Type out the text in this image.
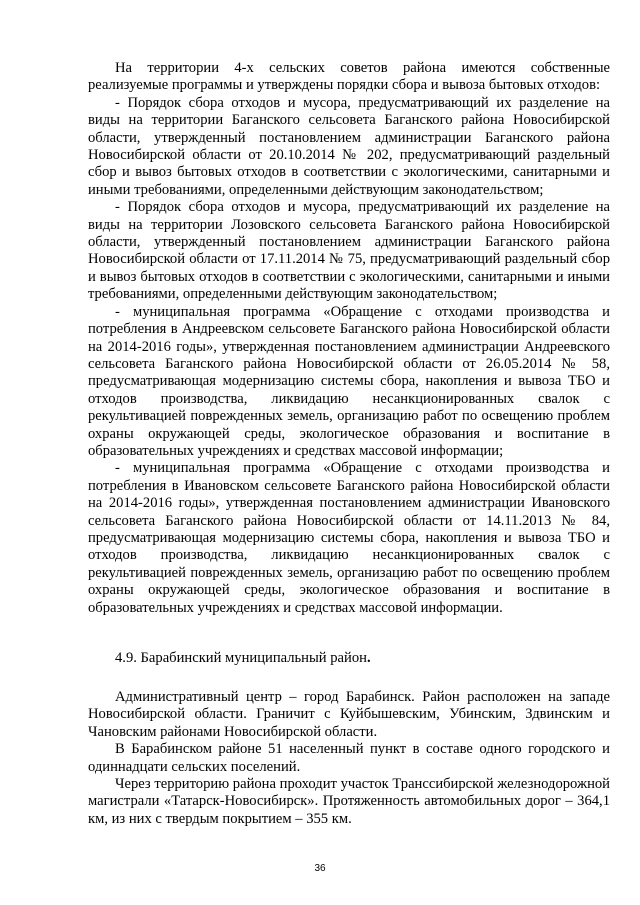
На территории 4-х сельских советов района имеются собственные реализуемые программы и утверждены порядки сбора и вывоза бытовых отходов:

- Порядок сбора отходов и мусора, предусматривающий их разделение на виды на территории Баганского сельсовета Баганского района Новосибирской области, утвержденный постановлением администрации Баганского района Новосибирской области от 20.10.2014 № 202, предусматривающий раздельный сбор и вывоз бытовых отходов в соответствии с экологическими, санитарными и иными требованиями, определенными действующим законодательством;

- Порядок сбора отходов и мусора, предусматривающий их разделение на виды на территории Лозовского сельсовета Баганского района Новосибирской области, утвержденный постановлением администрации Баганского района Новосибирской области от 17.11.2014 № 75, предусматривающий раздельный сбор и вывоз бытовых отходов в соответствии с экологическими, санитарными и иными требованиями, определенными действующим законодательством;

- муниципальная программа «Обращение с отходами производства и потребления в Андреевском сельсовете Баганского района Новосибирской области на 2014-2016 годы», утвержденная постановлением администрации Андреевского сельсовета Баганского района Новосибирской области от 26.05.2014 № 58, предусматривающая модернизацию системы сбора, накопления и вывоза ТБО и отходов производства, ликвидацию несанкционированных свалок с рекультивацией поврежденных земель, организацию работ по освещению проблем охраны окружающей среды, экологическое образования и воспитание в образовательных учреждениях и средствах массовой информации;

- муниципальная программа «Обращение с отходами производства и потребления в Ивановском сельсовете Баганского района Новосибирской области на 2014-2016 годы», утвержденная постановлением администрации Ивановского сельсовета Баганского района Новосибирской области от 14.11.2013 № 84, предусматривающая модернизацию системы сбора, накопления и вывоза ТБО и отходов производства, ликвидацию несанкционированных свалок с рекультивацией поврежденных земель, организацию работ по освещению проблем охраны окружающей среды, экологическое образования и воспитание в образовательных учреждениях и средствах массовой информации.

4.9. Барабинский муниципальный район.

Административный центр – город Барабинск. Район расположен на западе Новосибирской области. Граничит с Куйбышевским, Убинским, Здвинским и Чановским районами Новосибирской области.

В Барабинском районе 51 населенный пункт в составе одного городского и одиннадцати сельских поселений.

Через территорию района проходит участок Транссибирской железнодорожной магистрали «Татарск-Новосибирск». Протяженность автомобильных дорог – 364,1 км, из них с твердым покрытием – 355 км.

36
